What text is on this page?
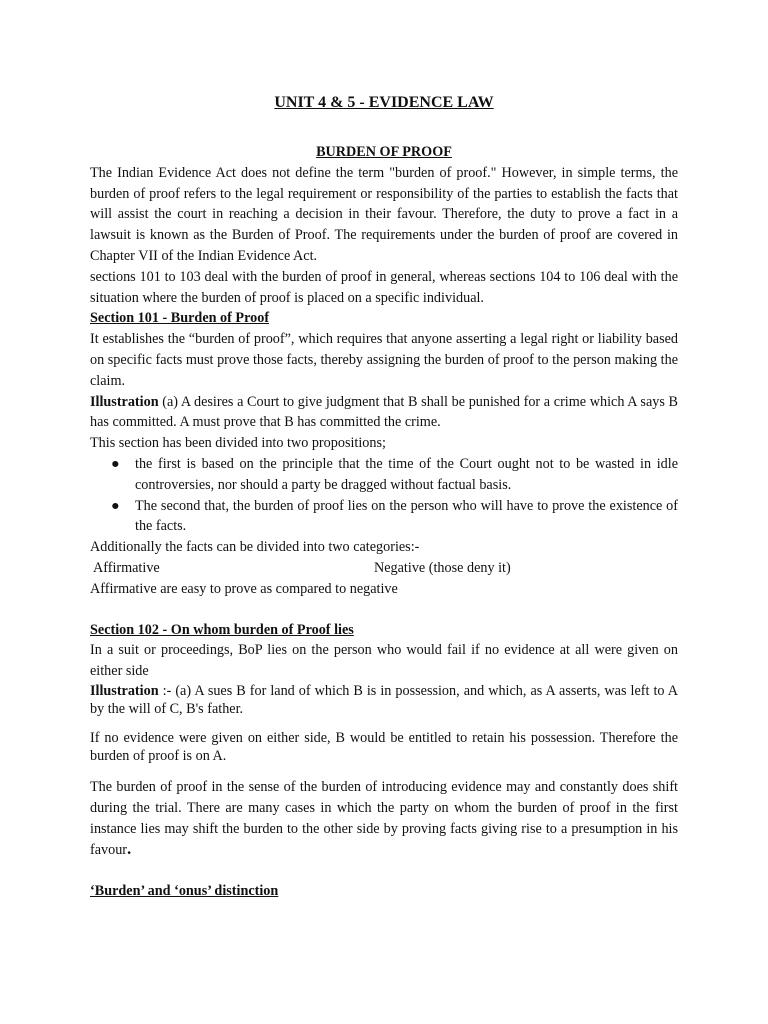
UNIT 4 & 5 - EVIDENCE LAW

BURDEN OF PROOF

The Indian Evidence Act does not define the term "burden of proof." However, in simple terms, the burden of proof refers to the legal requirement or responsibility of the parties to establish the facts that will assist the court in reaching a decision in their favour. Therefore, the duty to prove a fact in a lawsuit is known as the Burden of Proof. The requirements under the burden of proof are covered in Chapter VII of the Indian Evidence Act.

sections 101 to 103 deal with the burden of proof in general, whereas sections 104 to 106 deal with the situation where the burden of proof is placed on a specific individual.

Section 101 - Burden of Proof

It establishes the “burden of proof”, which requires that anyone asserting a legal right or liability based on specific facts must prove those facts, thereby assigning the burden of proof to the person making the claim.

Illustration (a) A desires a Court to give judgment that B shall be punished for a crime which A says B has committed. A must prove that B has committed the crime.

This section has been divided into two propositions;

● the first is based on the principle that the time of the Court ought not to be wasted in idle controversies, nor should a party be dragged without factual basis.
● The second that, the burden of proof lies on the person who will have to prove the existence of the facts.

Additionally the facts can be divided into two categories:-

Affirmative	Negative (those deny it)

Affirmative are easy to prove as compared to negative

Section 102 - On whom burden of Proof lies

In a suit or proceedings, BoP lies on the person who would fail if no evidence at all were given on either side

Illustration :- (a) A sues B for land of which B is in possession, and which, as A asserts, was left to A by the will of C, B's father.

If no evidence were given on either side, B would be entitled to retain his possession. Therefore the burden of proof is on A.

The burden of proof in the sense of the burden of introducing evidence may and constantly does shift during the trial. There are many cases in which the party on whom the burden of proof in the first instance lies may shift the burden to the other side by proving facts giving rise to a presumption in his favour.

‘Burden’ and ‘onus’ distinction
